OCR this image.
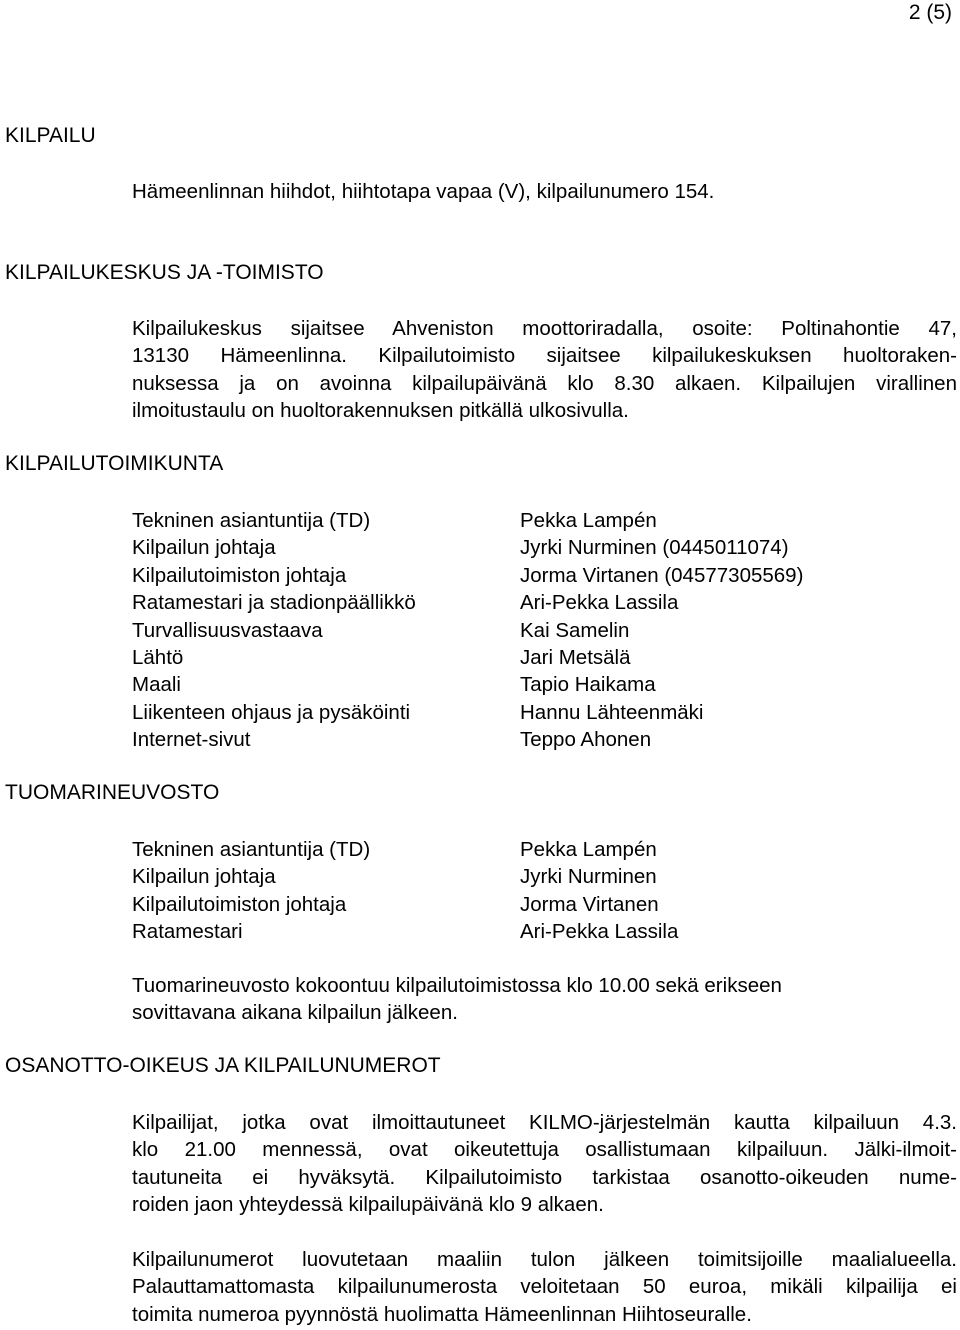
2 (5)

KILPAILU

Hämeenlinnan hiihdot, hiihtotapa vapaa (V), kilpailunumero 154.

KILPAILUKESKUS JA -TOIMISTO
Kilpailukeskus sijaitsee Ahveniston moottoriradalla, osoite: Poltinahontie 47,
13130 Hämeenlinna. Kilpailutoimisto sijaitsee kilpailukeskuksen huoltoraken-
nuksessa ja on avoinna kilpailupäivänä klo 8.30 alkaen. Kilpailujen virallinen
ilmoitustaulu on huoltorakennuksen pitkällä ulkosivulla.
KILPAILUTOIMIKUNTA
Tekninen asiantuntija (TD)	Pekka Lampén
Kilpailun johtaja	Jyrki Nurminen (0445011074)
Kilpailutoimiston johtaja	Jorma Virtanen (04577305569)
Ratamestari ja stadionpäällikkö	Ari-Pekka Lassila
Turvallisuusvastaava	Kai Samelin
Lähtö	Jari Metsälä
Maali	Tapio Haikama
Liikenteen ohjaus ja pysäköinti	Hannu Lähteenmäki
Internet-sivut	Teppo Ahonen
TUOMARINEUVOSTO
Tekninen asiantuntija (TD)	Pekka Lampén
Kilpailun johtaja	Jyrki Nurminen
Kilpailutoimiston johtaja	Jorma Virtanen
Ratamestari	Ari-Pekka Lassila
Tuomarineuvosto kokoontuu kilpailutoimistossa klo 10.00 sekä erikseen
sovittavana aikana kilpailun jälkeen.
OSANOTTO-OIKEUS JA KILPAILUNUMEROT
Kilpailijat, jotka ovat ilmoittautuneet KILMO-järjestelmän kautta kilpailuun 4.3.
klo 21.00 mennessä, ovat oikeutettuja osallistumaan kilpailuun. Jälki-ilmoit-
tautuneita ei hyväksytä. Kilpailutoimisto tarkistaa osanotto-oikeuden nume-
roiden jaon yhteydessä kilpailupäivänä klo 9 alkaen.
Kilpailunumerot luovutetaan maaliin tulon jälkeen toimitsijoille maalialueella.
Palauttamattomasta kilpailunumerosta veloitetaan 50 euroa, mikäli kilpailija ei
toimita numeroa pyynnöstä huolimatta Hämeenlinnan Hiihtoseuralle.
